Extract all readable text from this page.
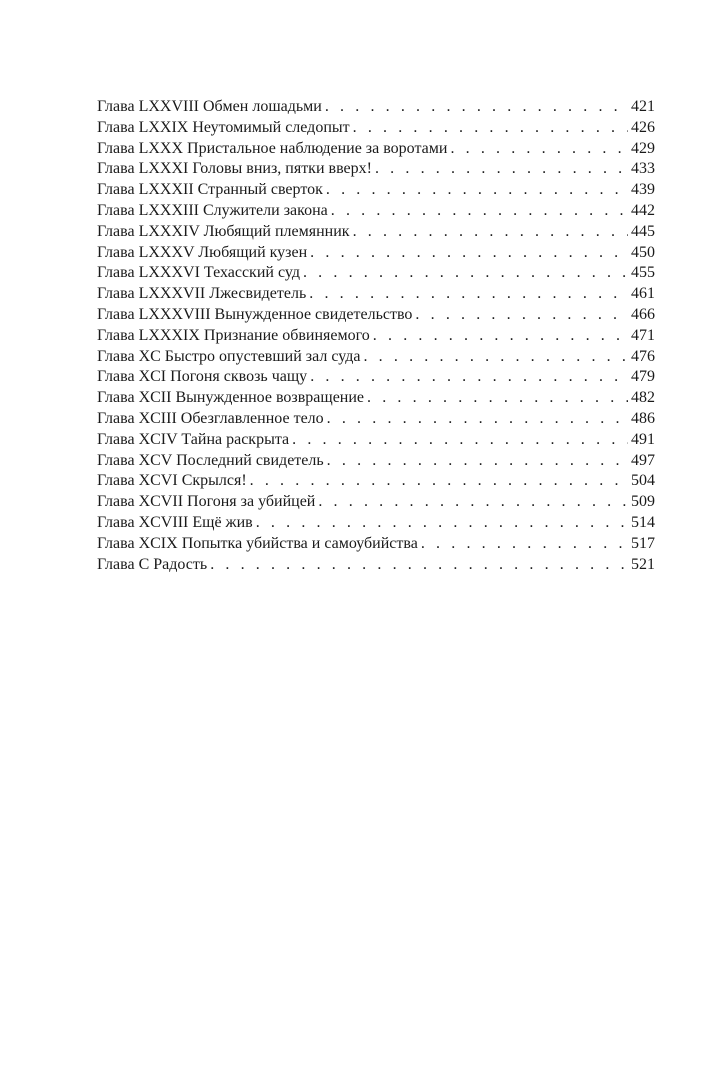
Глава LXXVIII Обмен лошадьми . . .	421
Глава LXXIX Неутомимый следопыт . . .	426
Глава LXXX Пристальное наблюдение за воротами . . .	429
Глава LXXXI Головы вниз, пятки вверх! . . .	433
Глава LXXXII Странный сверток . . .	439
Глава LXXXIII Служители закона . . .	442
Глава LXXXIV Любящий племянник . . .	445
Глава LXXXV Любящий кузен . . .	450
Глава LXXXVI Техасский суд . . .	455
Глава LXXXVII Лжесвидетель . . .	461
Глава LXXXVIII Вынужденное свидетельство . . .	466
Глава LXXXIX Признание обвиняемого . . .	471
Глава XC Быстро опустевший зал суда . . .	476
Глава XCI Погоня сквозь чащу . . .	479
Глава XCII Вынужденное возвращение . . .	482
Глава XCIII Обезглавленное тело . . .	486
Глава XCIV Тайна раскрыта . . .	491
Глава XCV Последний свидетель . . .	497
Глава XCVI Скрылся! . . .	504
Глава XCVII Погоня за убийцей . . .	509
Глава XCVIII Ещё жив . . .	514
Глава XCIX Попытка убийства и самоубийства . . .	517
Глава C Радость . . .	521
